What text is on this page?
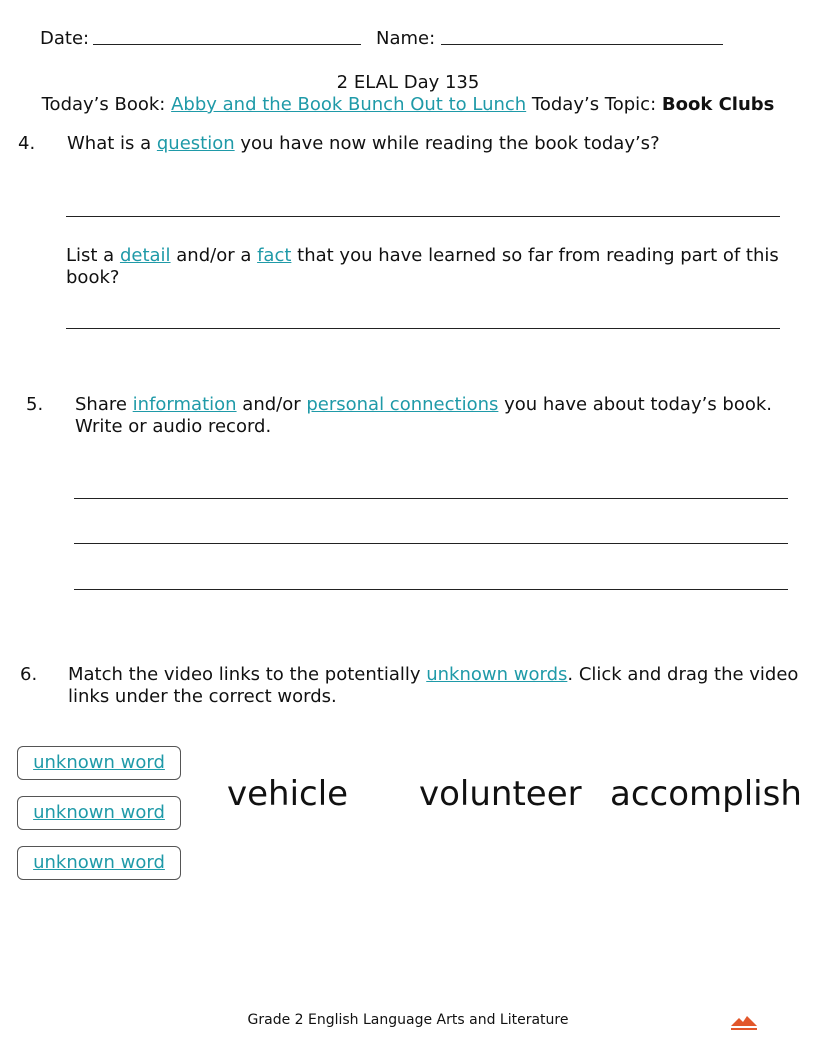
Date:	Name:
2 ELAL Day 135
Today’s Book: Abby and the Book Bunch Out to Lunch Today’s Topic: Book Clubs
4. What is a question you have now while reading the book today’s?
List a detail and/or a fact that you have learned so far from reading part of this
book?
5. Share information and/or personal connections you have about today’s book.
Write or audio record.
6. Match the video links to the potentially unknown words. Click and drag the video
links under the correct words.
unknown word
unknown word
unknown word
vehicle volunteer accomplish
Grade 2 English Language Arts and Literature
